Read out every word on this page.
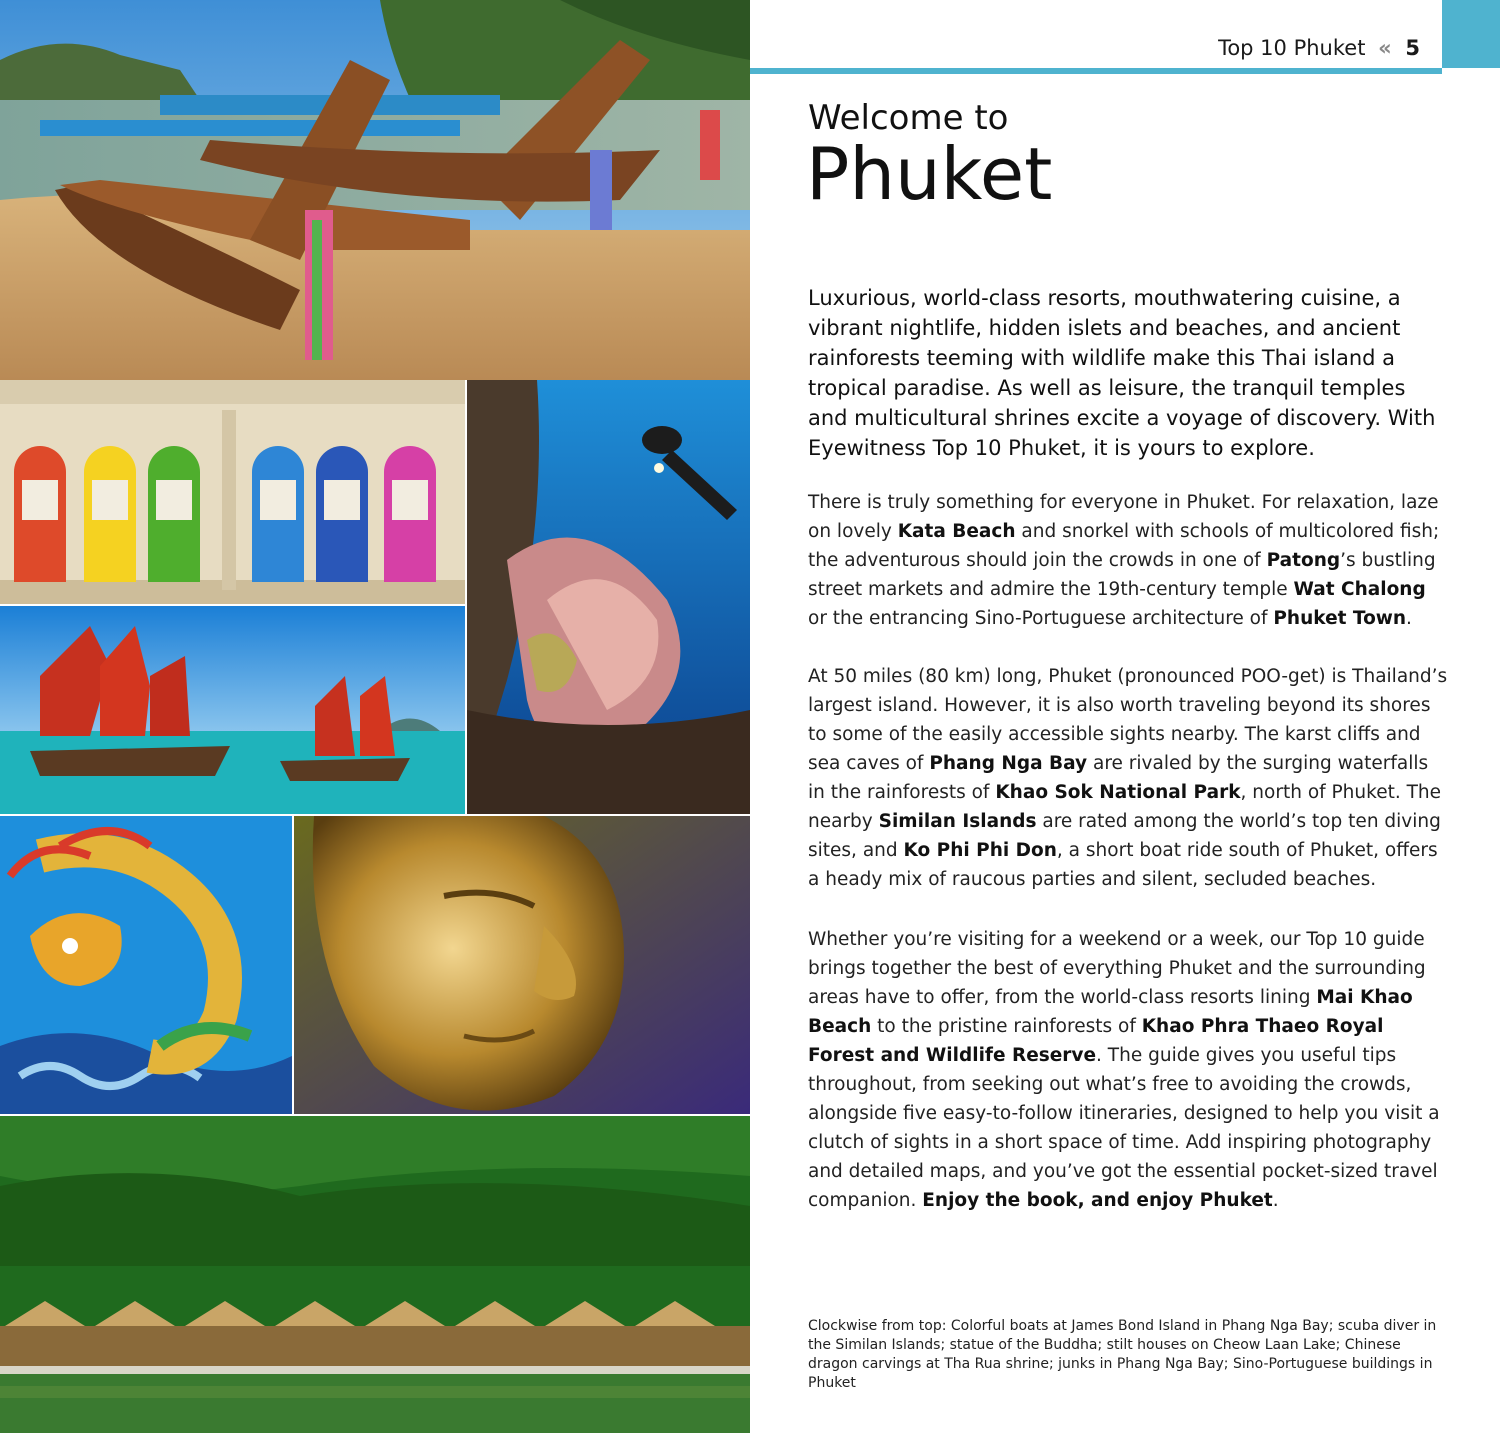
Top 10 Phuket « 5
Welcome to
Phuket
Luxurious, world-class resorts, mouthwatering cuisine, a vibrant nightlife, hidden islets and beaches, and ancient rainforests teeming with wildlife make this Thai island a tropical paradise. As well as leisure, the tranquil temples and multicultural shrines excite a voyage of discovery. With Eyewitness Top 10 Phuket, it is yours to explore.
There is truly something for everyone in Phuket. For relaxation, laze on lovely Kata Beach and snorkel with schools of multicolored fish; the adventurous should join the crowds in one of Patong’s bustling street markets and admire the 19th-century temple Wat Chalong or the entrancing Sino-Portuguese architecture of Phuket Town.
At 50 miles (80 km) long, Phuket (pronounced POO-get) is Thailand’s largest island. However, it is also worth traveling beyond its shores to some of the easily accessible sights nearby. The karst cliffs and sea caves of Phang Nga Bay are rivaled by the surging waterfalls in the rainforests of Khao Sok National Park, north of Phuket. The nearby Similan Islands are rated among the world’s top ten diving sites, and Ko Phi Phi Don, a short boat ride south of Phuket, offers a heady mix of raucous parties and silent, secluded beaches.
Whether you’re visiting for a weekend or a week, our Top 10 guide brings together the best of everything Phuket and the surrounding areas have to offer, from the world-class resorts lining Mai Khao Beach to the pristine rainforests of Khao Phra Thaeo Royal Forest and Wildlife Reserve. The guide gives you useful tips throughout, from seeking out what’s free to avoiding the crowds, alongside five easy-to-follow itineraries, designed to help you visit a clutch of sights in a short space of time. Add inspiring photography and detailed maps, and you’ve got the essential pocket-sized travel companion. Enjoy the book, and enjoy Phuket.
Clockwise from top: Colorful boats at James Bond Island in Phang Nga Bay; scuba diver in the Similan Islands; statue of the Buddha; stilt houses on Cheow Laan Lake; Chinese dragon carvings at Tha Rua shrine; junks in Phang Nga Bay; Sino-Portuguese buildings in Phuket
